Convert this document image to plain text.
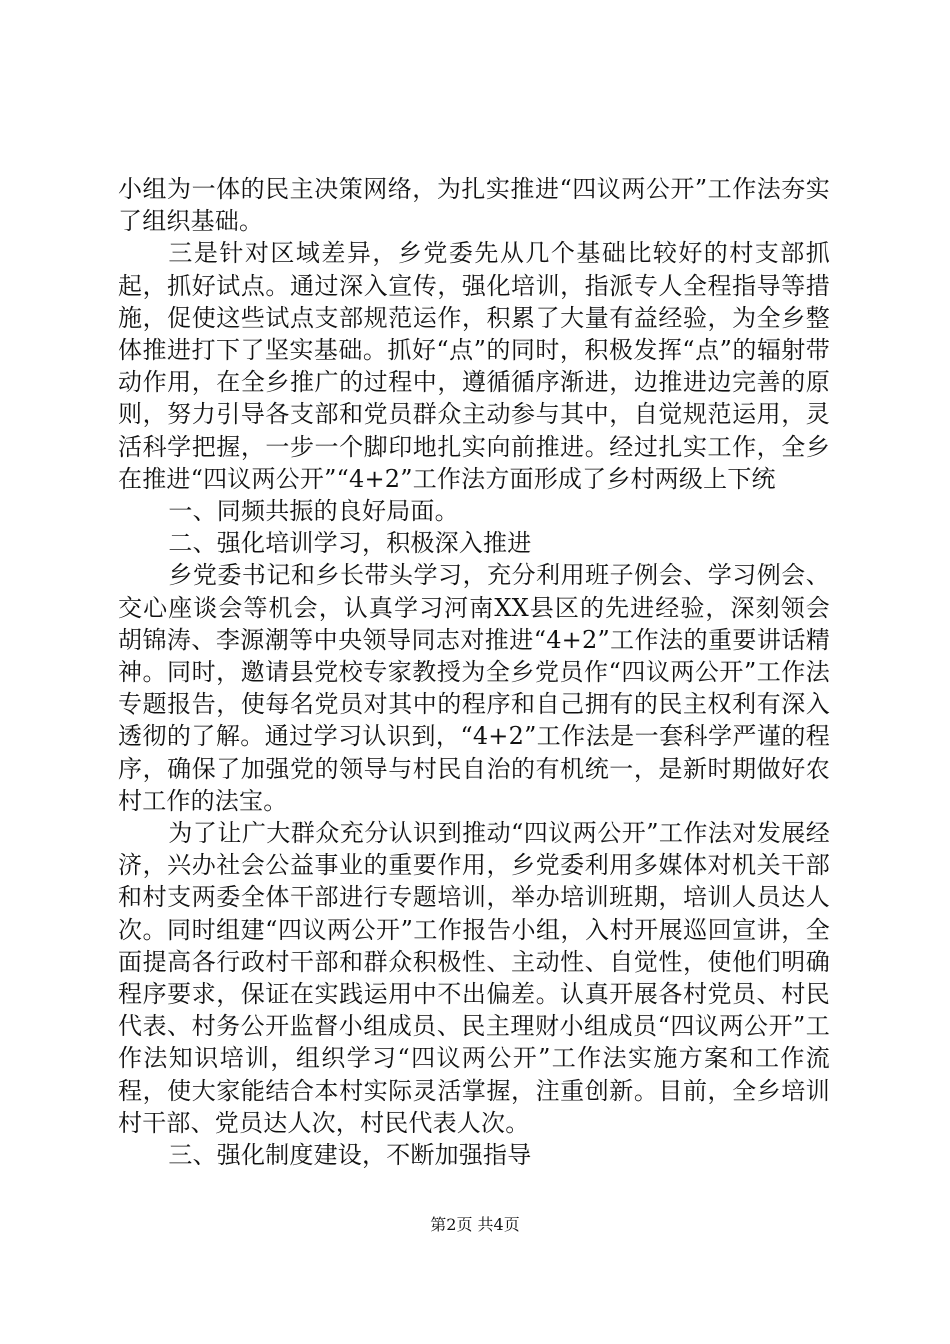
小组为一体的民主决策网络，为扎实推进“四议两公开”工作法夯实了组织基础。

三是针对区域差异，乡党委先从几个基础比较好的村支部抓起，抓好试点。通过深入宣传，强化培训，指派专人全程指导等措施，促使这些试点支部规范运作，积累了大量有益经验，为全乡整体推进打下了坚实基础。抓好“点”的同时，积极发挥“点”的辐射带动作用，在全乡推广的过程中，遵循循序渐进，边推进边完善的原则，努力引导各支部和党员群众主动参与其中，自觉规范运用，灵活科学把握，一步一个脚印地扎实向前推进。经过扎实工作，全乡在推进“四议两公开”“4+2”工作法方面形成了乡村两级上下统

一、同频共振的良好局面。

二、强化培训学习，积极深入推进

乡党委书记和乡长带头学习，充分利用班子例会、学习例会、交心座谈会等机会，认真学习河南XX县区的先进经验，深刻领会胡锦涛、李源潮等中央领导同志对推进“4+2”工作法的重要讲话精神。同时，邀请县党校专家教授为全乡党员作“四议两公开”工作法专题报告，使每名党员对其中的程序和自己拥有的民主权利有深入透彻的了解。通过学习认识到，“4+2”工作法是一套科学严谨的程序，确保了加强党的领导与村民自治的有机统一，是新时期做好农村工作的法宝。

为了让广大群众充分认识到推动“四议两公开”工作法对发展经济，兴办社会公益事业的重要作用，乡党委利用多媒体对机关干部和村支两委全体干部进行专题培训，举办培训班期，培训人员达人次。同时组建“四议两公开”工作报告小组，入村开展巡回宣讲，全面提高各行政村干部和群众积极性、主动性、自觉性，使他们明确程序要求，保证在实践运用中不出偏差。认真开展各村党员、村民代表、村务公开监督小组成员、民主理财小组成员“四议两公开”工作法知识培训，组织学习“四议两公开”工作法实施方案和工作流程，使大家能结合本村实际灵活掌握，注重创新。目前，全乡培训村干部、党员达人次，村民代表人次。

三、强化制度建设，不断加强指导

第2页 共4页
